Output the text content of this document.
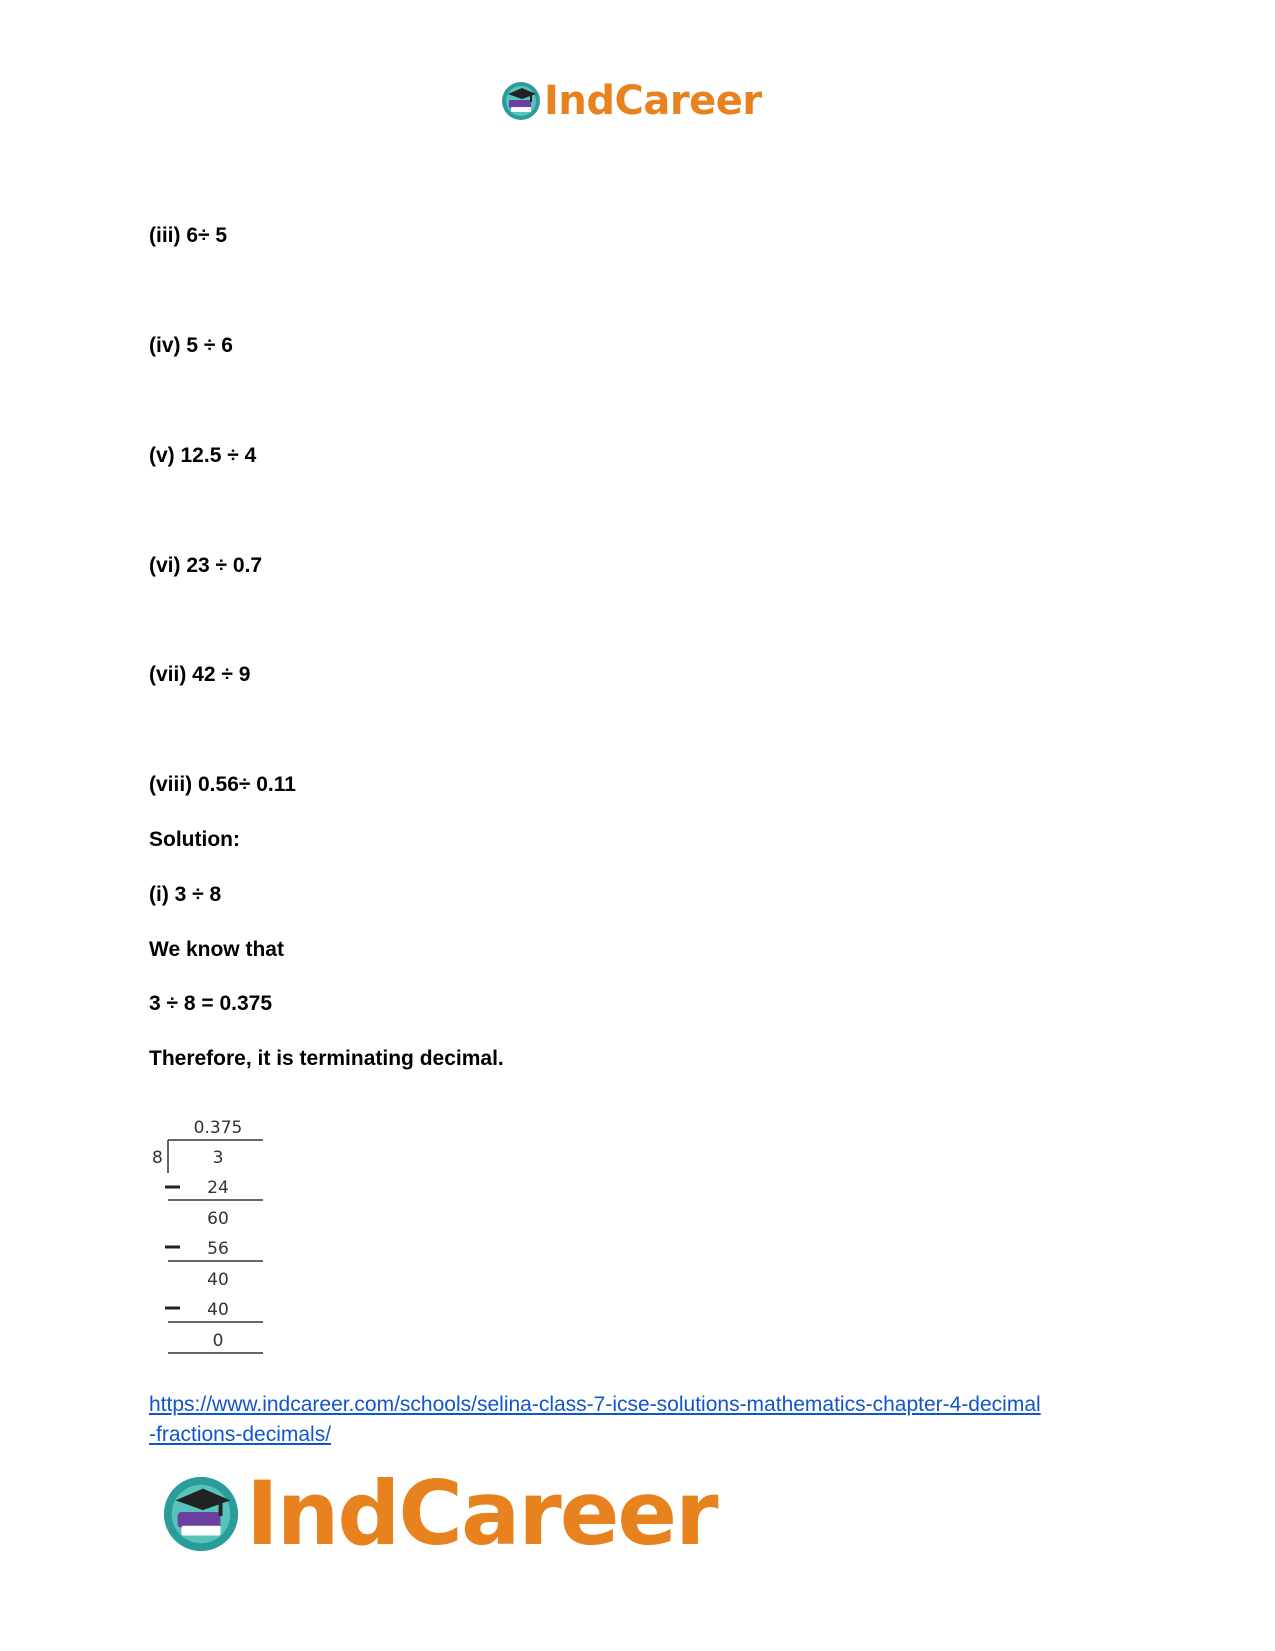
IndCareer
(iii) 6÷ 5
(iv) 5 ÷ 6
(v) 12.5 ÷ 4
(vi) 23 ÷ 0.7
(vii) 42 ÷ 9
(viii) 0.56÷ 0.11
Solution:
(i) 3 ÷ 8
We know that
3 ÷ 8 = 0.375
Therefore, it is terminating decimal.
0.375
8	3
24
60
56
40
40
0
https://www.indcareer.com/schools/selina-class-7-icse-solutions-mathematics-chapter-4-decimal
-fractions-decimals/
IndCareer
